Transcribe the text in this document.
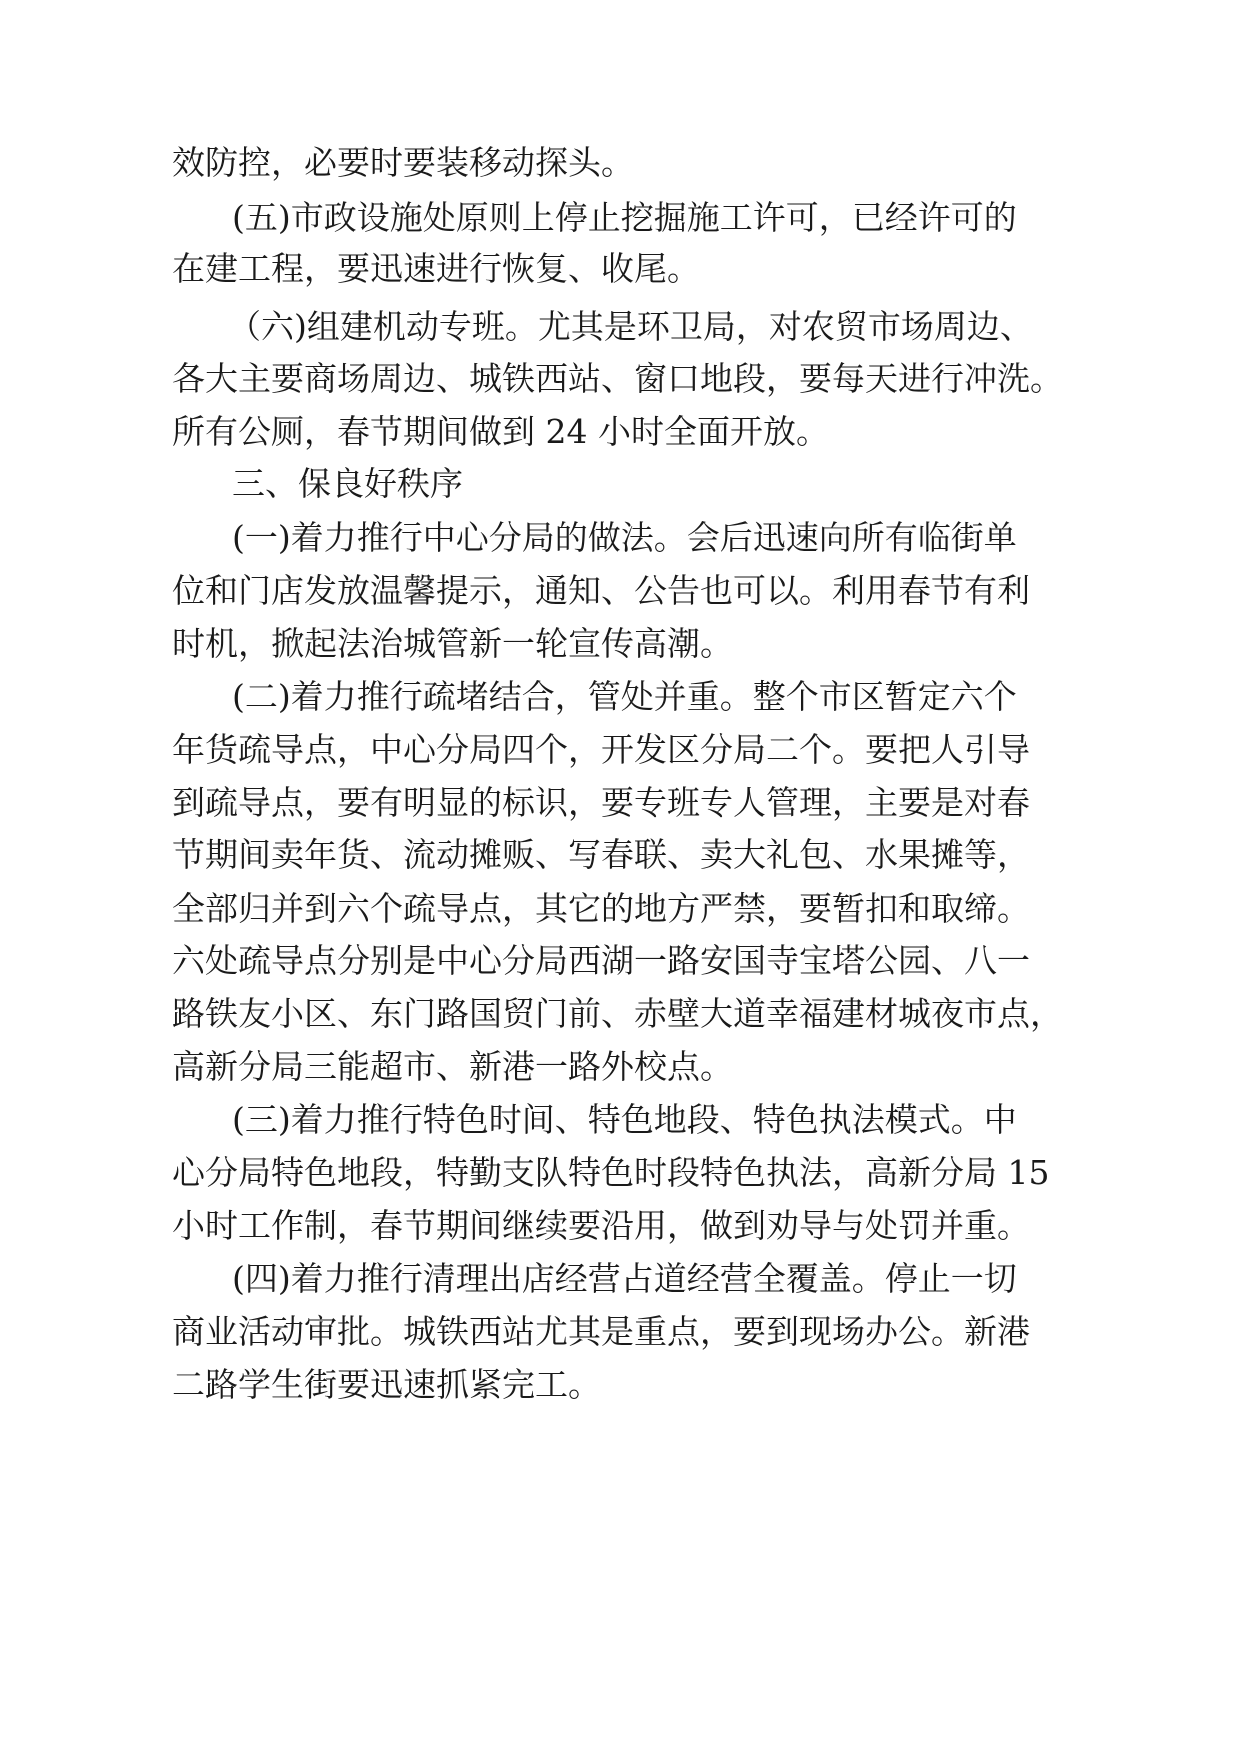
效防控，必要时要装移动探头。
(五)市政设施处原则上停止挖掘施工许可，已经许可的
在建工程，要迅速进行恢复、收尾。
（六)组建机动专班。尤其是环卫局，对农贸市场周边、
各大主要商场周边、城铁西站、窗口地段，要每天进行冲洗。
所有公厕，春节期间做到 24 小时全面开放。
三、保良好秩序
(一)着力推行中心分局的做法。会后迅速向所有临街单
位和门店发放温馨提示，通知、公告也可以。利用春节有利
时机，掀起法治城管新一轮宣传高潮。
(二)着力推行疏堵结合，管处并重。整个市区暂定六个
年货疏导点，中心分局四个，开发区分局二个。要把人引导
到疏导点，要有明显的标识，要专班专人管理，主要是对春
节期间卖年货、流动摊贩、写春联、卖大礼包、水果摊等，
全部归并到六个疏导点，其它的地方严禁，要暂扣和取缔。
六处疏导点分别是中心分局西湖一路安国寺宝塔公园、八一
路铁友小区、东门路国贸门前、赤壁大道幸福建材城夜市点，
高新分局三能超市、新港一路外校点。
(三)着力推行特色时间、特色地段、特色执法模式。中
心分局特色地段，特勤支队特色时段特色执法，高新分局 15
小时工作制，春节期间继续要沿用，做到劝导与处罚并重。
(四)着力推行清理出店经营占道经营全覆盖。停止一切
商业活动审批。城铁西站尤其是重点，要到现场办公。新港
二路学生街要迅速抓紧完工。
